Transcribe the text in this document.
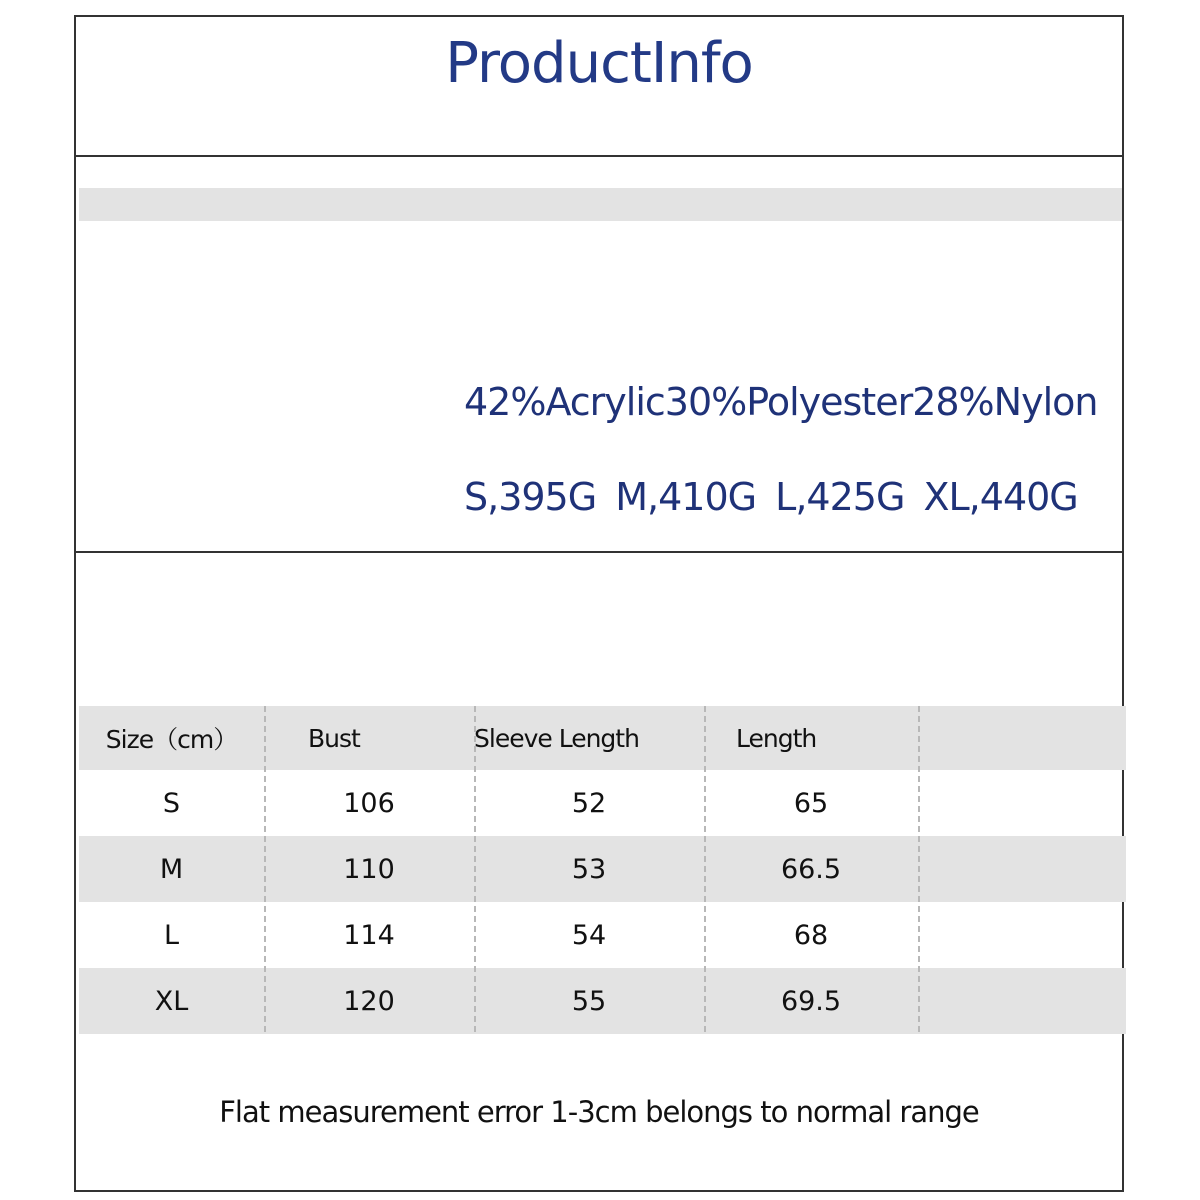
ProductInfo
42%Acrylic30%Polyester28%Nylon
S,395G M,410G L,425G XL,440G
Size（cm）	Bust	Sleeve Length	Length
S	106	52	65
M	110	53	66.5
L	114	54	68
XL	120	55	69.5
Flat measurement error 1-3cm belongs to normal range
